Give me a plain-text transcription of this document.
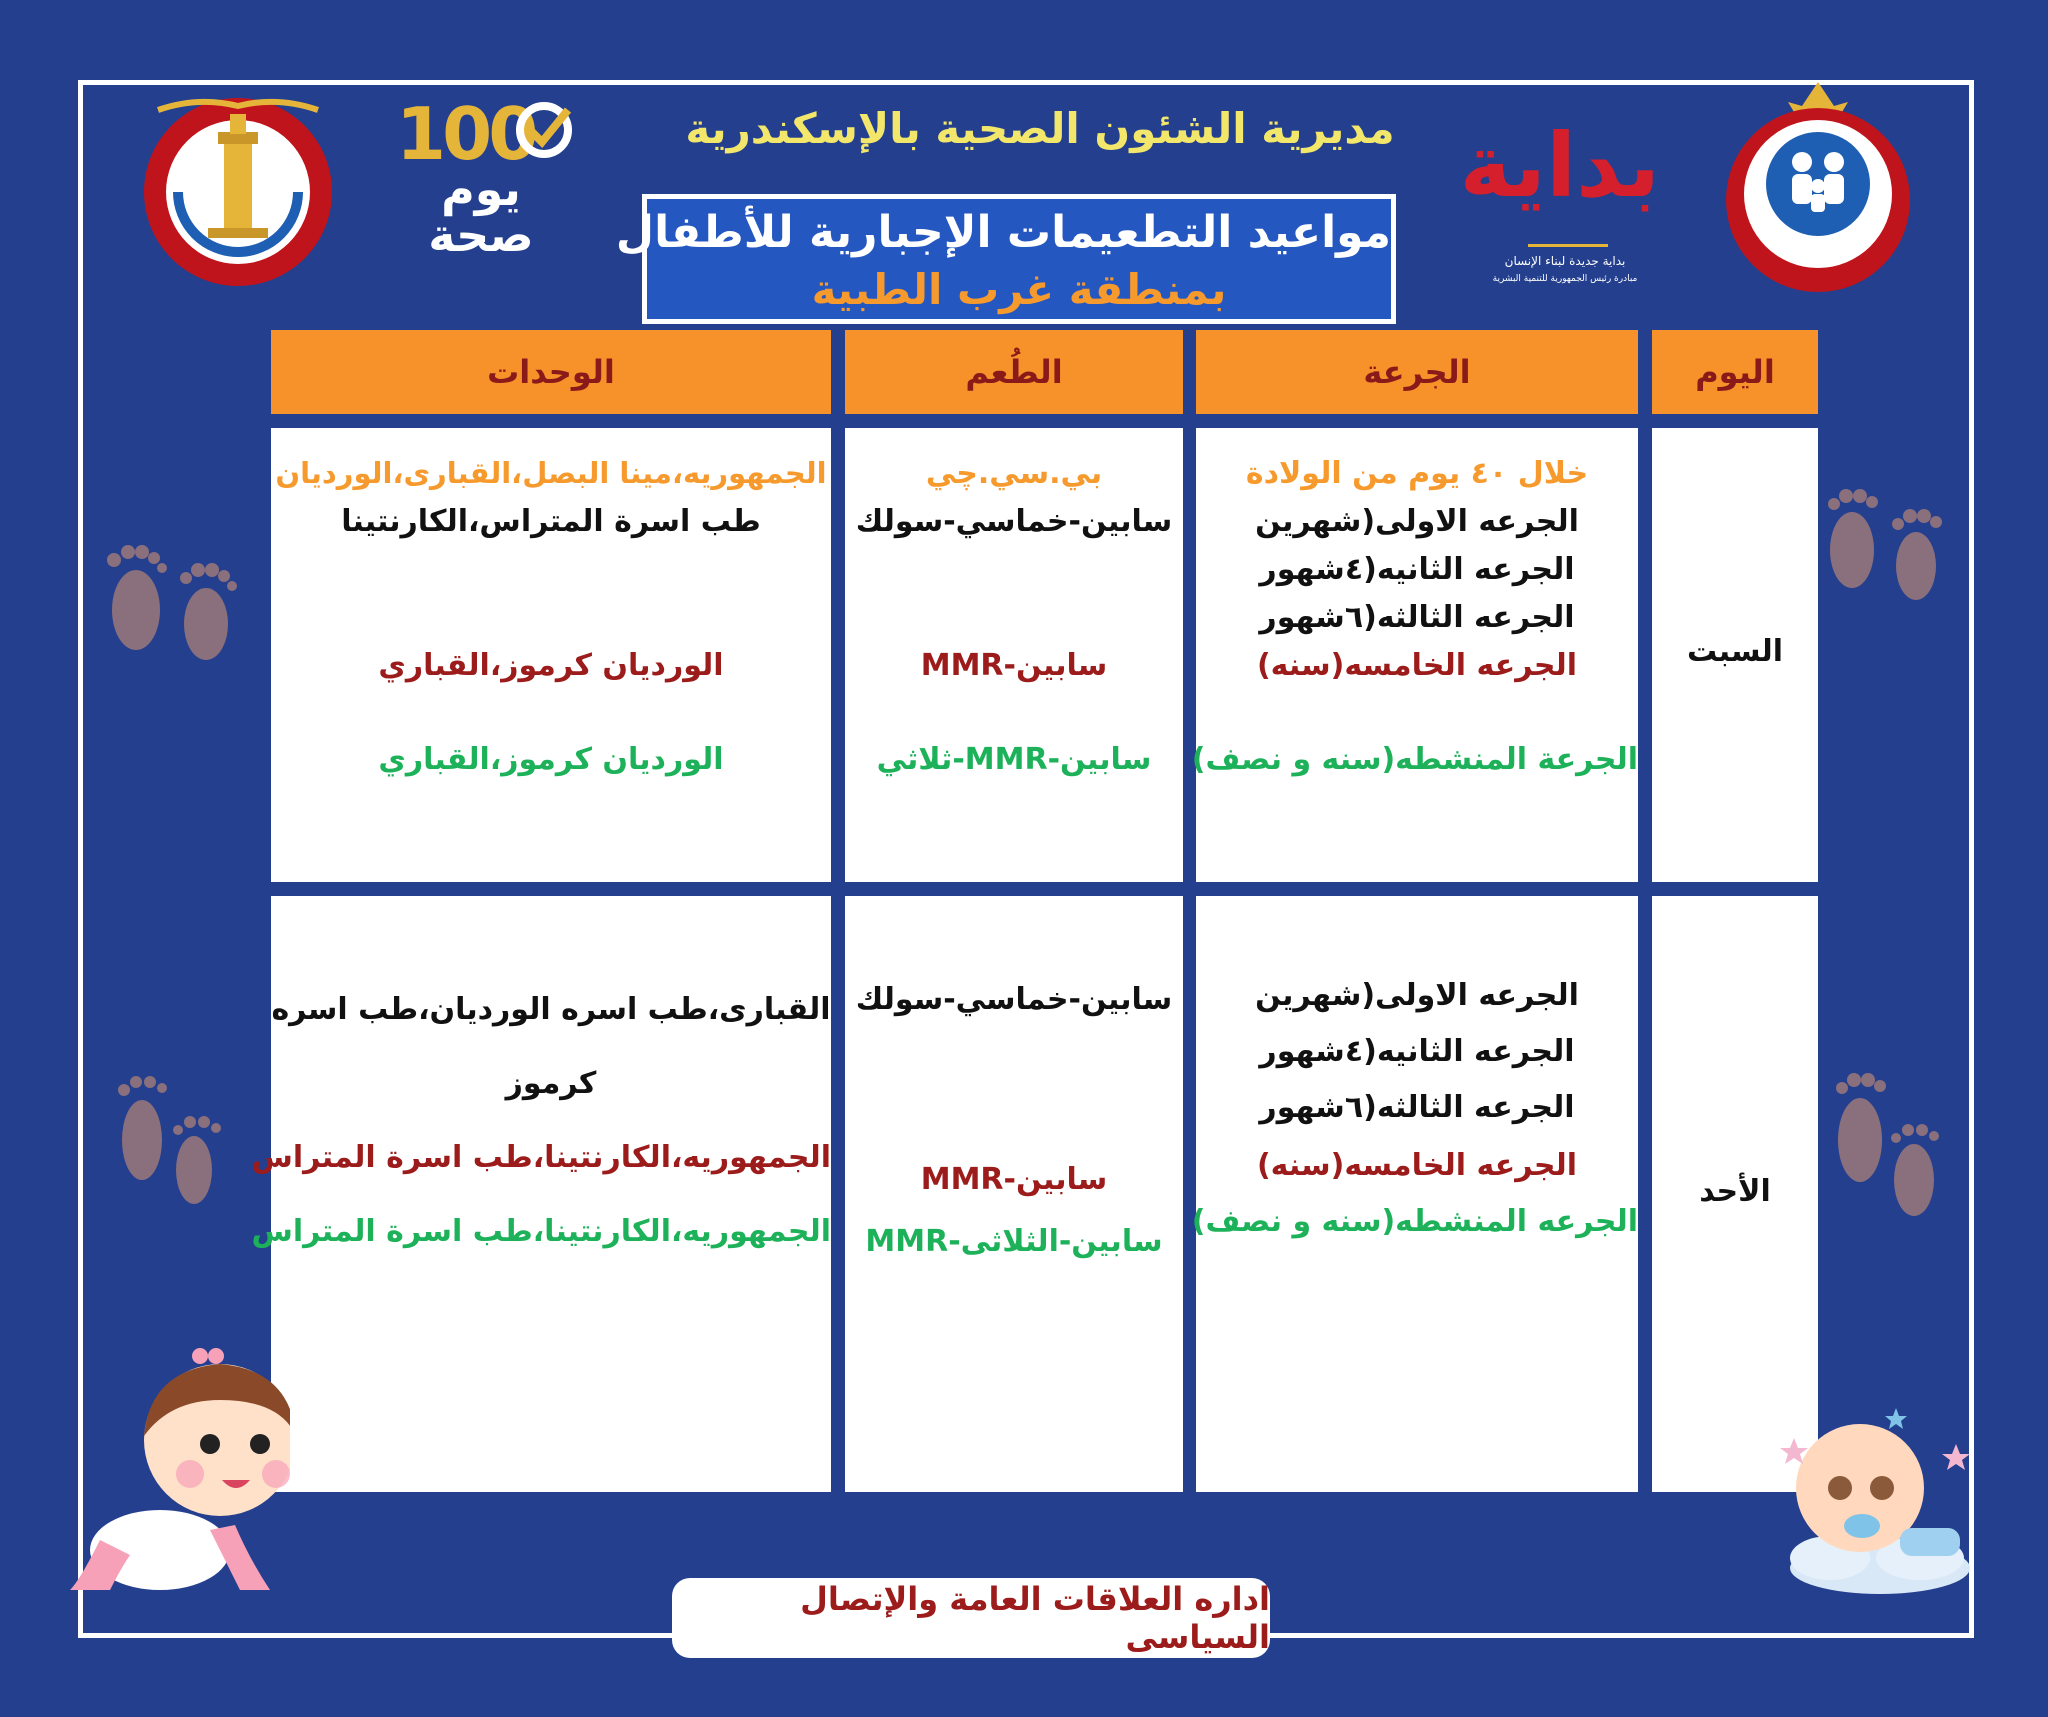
100
يوم
صحة
مديرية الشئون الصحية بالإسكندرية
مواعيد التطعيمات الإجبارية للأطفال
بمنطقة غرب الطبية
بداية
بداية جديدة لبناء الإنسان
مبادرة رئيس الجمهورية للتنمية البشرية
اليوم
الجرعة
الطُعم
الوحدات
السبت
خلال ٤٠ يوم من الولادة
الجرعه الاولى(شهرين
الجرعه الثانيه(٤شهور
الجرعه الثالثه(٦شهور
الجرعه الخامسه(سنه)
الجرعة المنشطه(سنه و نصف)
بي.سي.چي
سابين-خماسي-سولك
سابين-MMR
سابين-MMR-ثلاثي
الجمهوريه،مينا البصل،القبارى،الورديان
طب اسرة المتراس،الكارنتينا
الورديان كرموز،القباري
الورديان كرموز،القباري
الأحد
الجرعه الاولى(شهرين
الجرعه الثانيه(٤شهور
الجرعه الثالثه(٦شهور
الجرعه الخامسه(سنه)
الجرعه المنشطه(سنه و نصف)
سابين-خماسي-سولك
سابين-MMR
MMRسابين-الثلاثى-
القبارى،طب اسره الورديان،طب اسره
كرموز
الجمهوريه،الكارنتينا،طب اسرة المتراس
الجمهوريه،الكارنتينا،طب اسرة المتراس
اداره العلاقات العامة والإتصال السياسى
